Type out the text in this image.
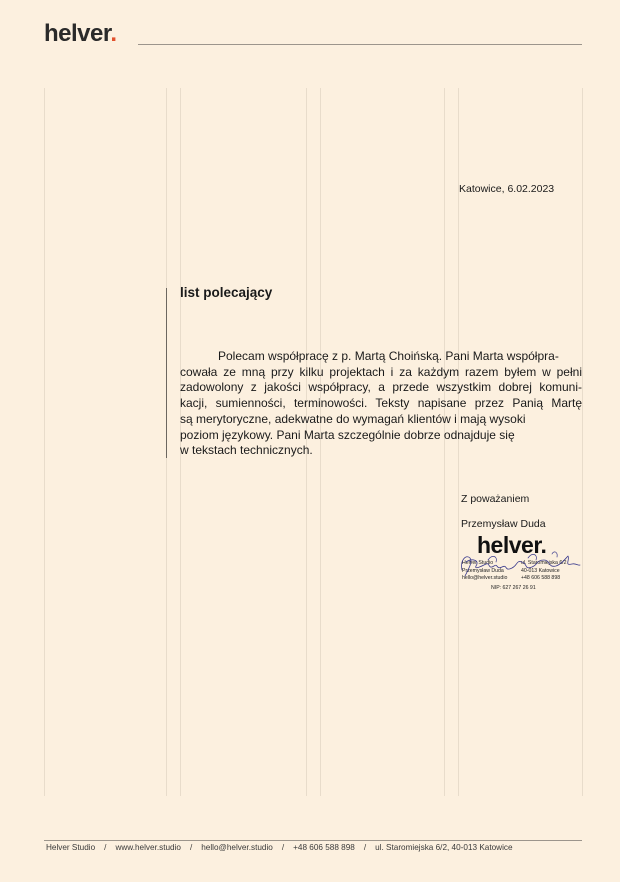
helver.
Katowice, 6.02.2023
list polecający
Polecam współpracę z p. Martą Choińską. Pani Marta współpra-
cowała ze mną przy kilku projektach i za każdym razem byłem w pełni
zadowolony z jakości współpracy, a przede wszystkim dobrej komuni-
kacji, sumienności, terminowości. Teksty napisane przez Panią Martę
są merytoryczne, adekwatne do wymagań klientów i mają wysoki
poziom językowy. Pani Marta szczególnie dobrze odnajduje się
w tekstach technicznych.
Z poważaniem
Przemysław Duda
helver.
Helver Studio	ul. Staromiejska 6/2
Przemysław Duda	40-013 Katowice
hello@helver.studio	+48 606 588 898
NIP: 627 267 26 91
Helver Studio / www.helver.studio / hello@helver.studio / +48 606 588 898 / ul. Staromiejska 6/2, 40-013 Katowice
